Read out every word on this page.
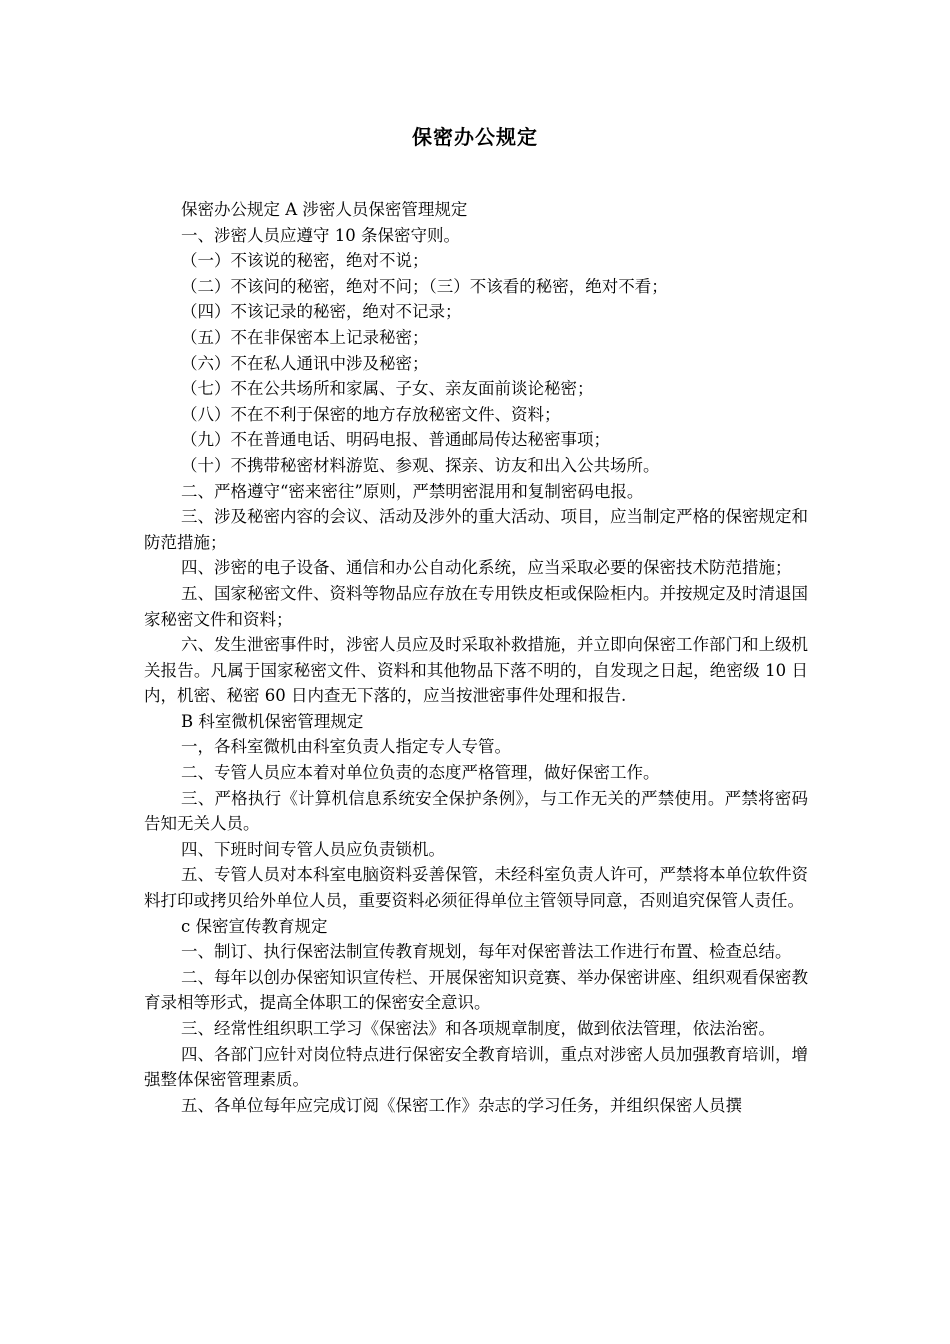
保密办公规定

保密办公规定 A 涉密人员保密管理规定

一、涉密人员应遵守 10 条保密守则。

（一）不该说的秘密，绝对不说；

（二）不该问的秘密，绝对不问；（三）不该看的秘密，绝对不看；

（四）不该记录的秘密，绝对不记录；

（五）不在非保密本上记录秘密；

（六）不在私人通讯中涉及秘密；

（七）不在公共场所和家属、子女、亲友面前谈论秘密；

（八）不在不利于保密的地方存放秘密文件、资料；

（九）不在普通电话、明码电报、普通邮局传达秘密事项；

（十）不携带秘密材料游览、参观、探亲、访友和出入公共场所。

二、严格遵守“密来密往”原则，严禁明密混用和复制密码电报。

三、涉及秘密内容的会议、活动及涉外的重大活动、项目，应当制定严格的保密规定和防范措施；

四、涉密的电子设备、通信和办公自动化系统，应当采取必要的保密技术防范措施；

五、国家秘密文件、资料等物品应存放在专用铁皮柜或保险柜内。并按规定及时清退国家秘密文件和资料；

六、发生泄密事件时，涉密人员应及时采取补救措施，并立即向保密工作部门和上级机关报告。凡属于国家秘密文件、资料和其他物品下落不明的，自发现之日起，绝密级 10 日内，机密、秘密 60 日内查无下落的，应当按泄密事件处理和报告.

B 科室微机保密管理规定

一，各科室微机由科室负责人指定专人专管。

二、专管人员应本着对单位负责的态度严格管理，做好保密工作。

三、严格执行《计算机信息系统安全保护条例》，与工作无关的严禁使用。严禁将密码告知无关人员。

四、下班时间专管人员应负责锁机。

五、专管人员对本科室电脑资料妥善保管，未经科室负责人许可，严禁将本单位软件资料打印或拷贝给外单位人员，重要资料必须征得单位主管领导同意，否则追究保管人责任。

c 保密宣传教育规定

一、制订、执行保密法制宣传教育规划，每年对保密普法工作进行布置、检查总结。

二、每年以创办保密知识宣传栏、开展保密知识竞赛、举办保密讲座、组织观看保密教育录相等形式，提高全体职工的保密安全意识。

三、经常性组织职工学习《保密法》和各项规章制度，做到依法管理，依法治密。

四、各部门应针对岗位特点进行保密安全教育培训，重点对涉密人员加强教育培训，增强整体保密管理素质。

五、各单位每年应完成订阅《保密工作》杂志的学习任务，并组织保密人员撰
